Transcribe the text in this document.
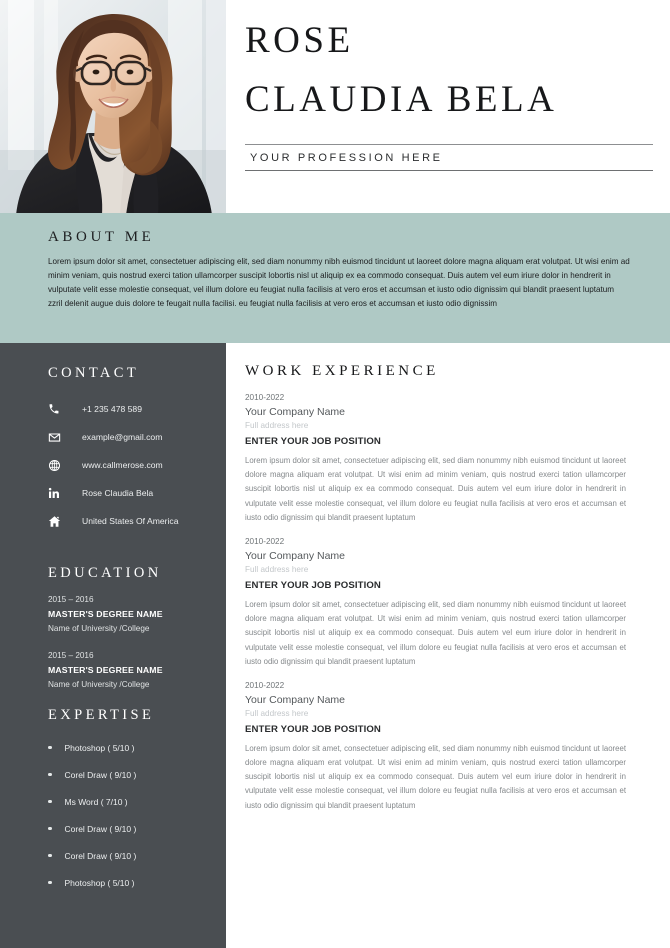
ROSE
CLAUDIA BELA
YOUR PROFESSION HERE
ABOUT ME
Lorem ipsum dolor sit amet, consectetuer adipiscing elit, sed diam nonummy nibh euismod tincidunt ut laoreet dolore magna aliquam erat volutpat. Ut wisi enim ad minim veniam, quis nostrud exerci tation ullamcorper suscipit lobortis nisl ut aliquip ex ea commodo consequat. Duis autem vel eum iriure dolor in hendrerit in vulputate velit esse molestie consequat, vel illum dolore eu feugiat nulla facilisis at vero eros et accumsan et iusto odio dignissim qui blandit praesent luptatum zzril delenit augue duis dolore te feugait nulla facilisi. eu feugiat nulla facilisis at vero eros et accumsan et iusto odio dignissim
CONTACT
+1 235 478 589
example@gmail.com
www.callmerose.com
Rose Claudia Bela
United States Of America
EDUCATION
2015 – 2016
MASTER'S DEGREE NAME
Name of University /College
2015 – 2016
MASTER'S DEGREE NAME
Name of University /College
EXPERTISE
Photoshop ( 5/10 )
Corel Draw ( 9/10 )
Ms Word ( 7/10 )
Corel Draw ( 9/10 )
Corel Draw ( 9/10 )
Photoshop ( 5/10 )
WORK EXPERIENCE
2010-2022
Your Company Name
Full address here
ENTER YOUR JOB POSITION
Lorem ipsum dolor sit amet, consectetuer adipiscing elit, sed diam nonummy nibh euismod tincidunt ut laoreet dolore magna aliquam erat volutpat. Ut wisi enim ad minim veniam, quis nostrud exerci tation ullamcorper suscipit lobortis nisl ut aliquip ex ea commodo consequat. Duis autem vel eum iriure dolor in hendrerit in vulputate velit esse molestie consequat, vel illum dolore eu feugiat nulla facilisis at vero eros et accumsan et iusto odio dignissim qui blandit praesent luptatum
2010-2022
Your Company Name
Full address here
ENTER YOUR JOB POSITION
Lorem ipsum dolor sit amet, consectetuer adipiscing elit, sed diam nonummy nibh euismod tincidunt ut laoreet dolore magna aliquam erat volutpat. Ut wisi enim ad minim veniam, quis nostrud exerci tation ullamcorper suscipit lobortis nisl ut aliquip ex ea commodo consequat. Duis autem vel eum iriure dolor in hendrerit in vulputate velit esse molestie consequat, vel illum dolore eu feugiat nulla facilisis at vero eros et accumsan et iusto odio dignissim qui blandit praesent luptatum
2010-2022
Your Company Name
Full address here
ENTER YOUR JOB POSITION
Lorem ipsum dolor sit amet, consectetuer adipiscing elit, sed diam nonummy nibh euismod tincidunt ut laoreet dolore magna aliquam erat volutpat. Ut wisi enim ad minim veniam, quis nostrud exerci tation ullamcorper suscipit lobortis nisl ut aliquip ex ea commodo consequat. Duis autem vel eum iriure dolor in hendrerit in vulputate velit esse molestie consequat, vel illum dolore eu feugiat nulla facilisis at vero eros et accumsan et iusto odio dignissim qui blandit praesent luptatum
